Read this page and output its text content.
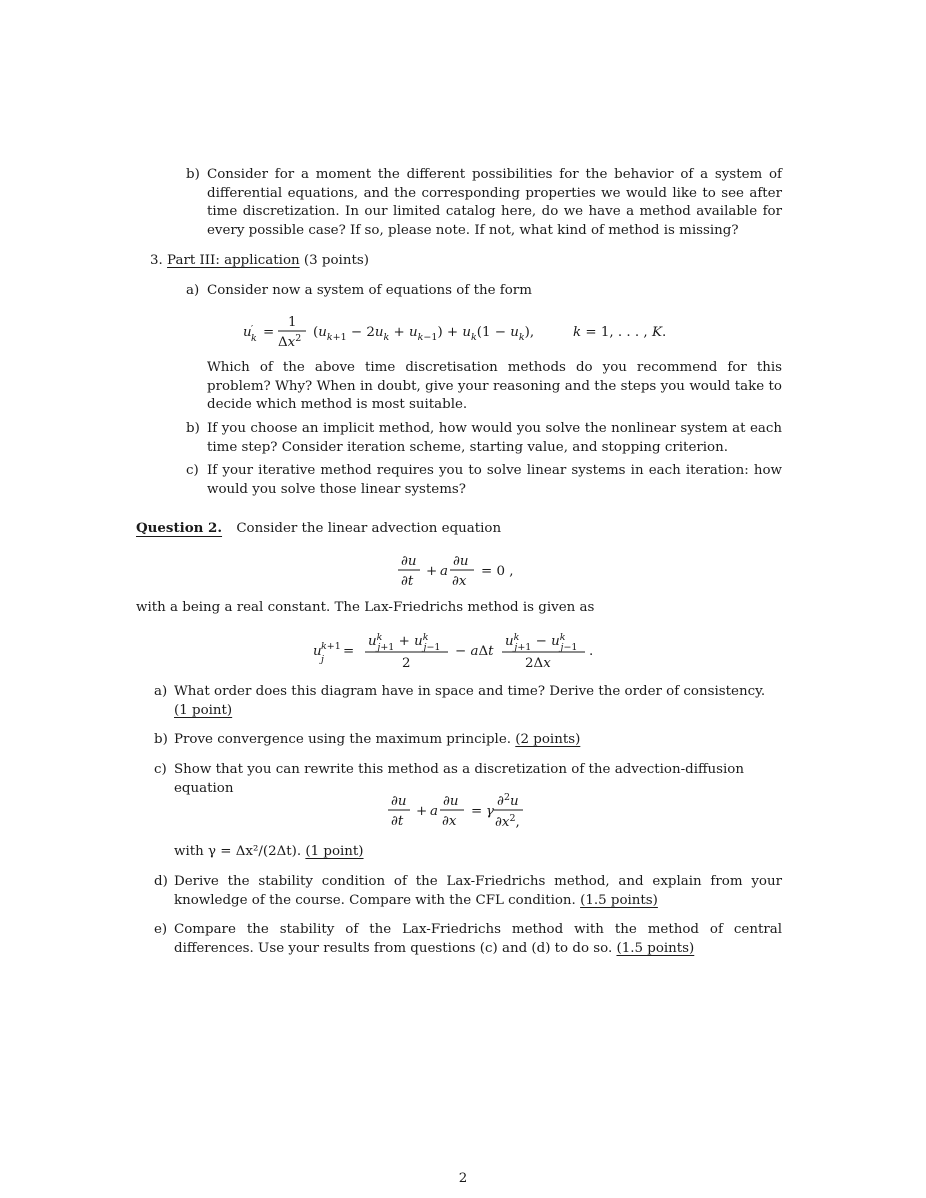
b) Consider for a moment the different possibilities for the behavior of a system of differential equations, and the corresponding properties we would like to see after time discretization. In our limited catalog here, do we have a method available for every possible case? If so, please note. If not, what kind of method is missing?
3. Part III: application (3 points)
a) Consider now a system of equations of the form
u ′
k =
1
$\Delta x^2$ $(u_k+1 - 2u_k + u_k-1) + u_k(1 - u_k)$,	k = 1, . . . , K.
Which of the above time discretisation methods do you recommend for this problem? Why? When in doubt, give your reasoning and the steps you would take to decide which method is most suitable.
b) If you choose an implicit method, how would you solve the nonlinear system at each time step? Consider iteration scheme, starting value, and stopping criterion.
c) If your iterative method requires you to solve linear systems in each iteration: how would you solve those linear systems?
Question 2. Consider the linear advection equation
∂u
∂t
+ a
∂u
∂x
= 0 ,
with a being a real constant. The Lax-Friedrichs method is given as
u k+1
j
=
$u^k$ $j+1 + u^k$ j−1
2
− aΔt
$u^k$ $j+1 - u^k$ j−1
2Δx
.
a) What order does this diagram have in space and time? Derive the order of consistency. (1 point)
b) Prove convergence using the maximum principle. (2 points)
c) Show that you can rewrite this method as a discretization of the advection-diffusion equation
∂u
∂t
+ a
∂u
∂x
= γ
∂$^2$u
$\partial x^2$,
with γ = Δx²/(2Δt). (1 point)
d) Derive the stability condition of the Lax-Friedrichs method, and explain from your knowledge of the course. Compare with the CFL condition. (1.5 points)
e) Compare the stability of the Lax-Friedrichs method with the method of central differences. Use your results from questions (c) and (d) to do so. (1.5 points)
2
